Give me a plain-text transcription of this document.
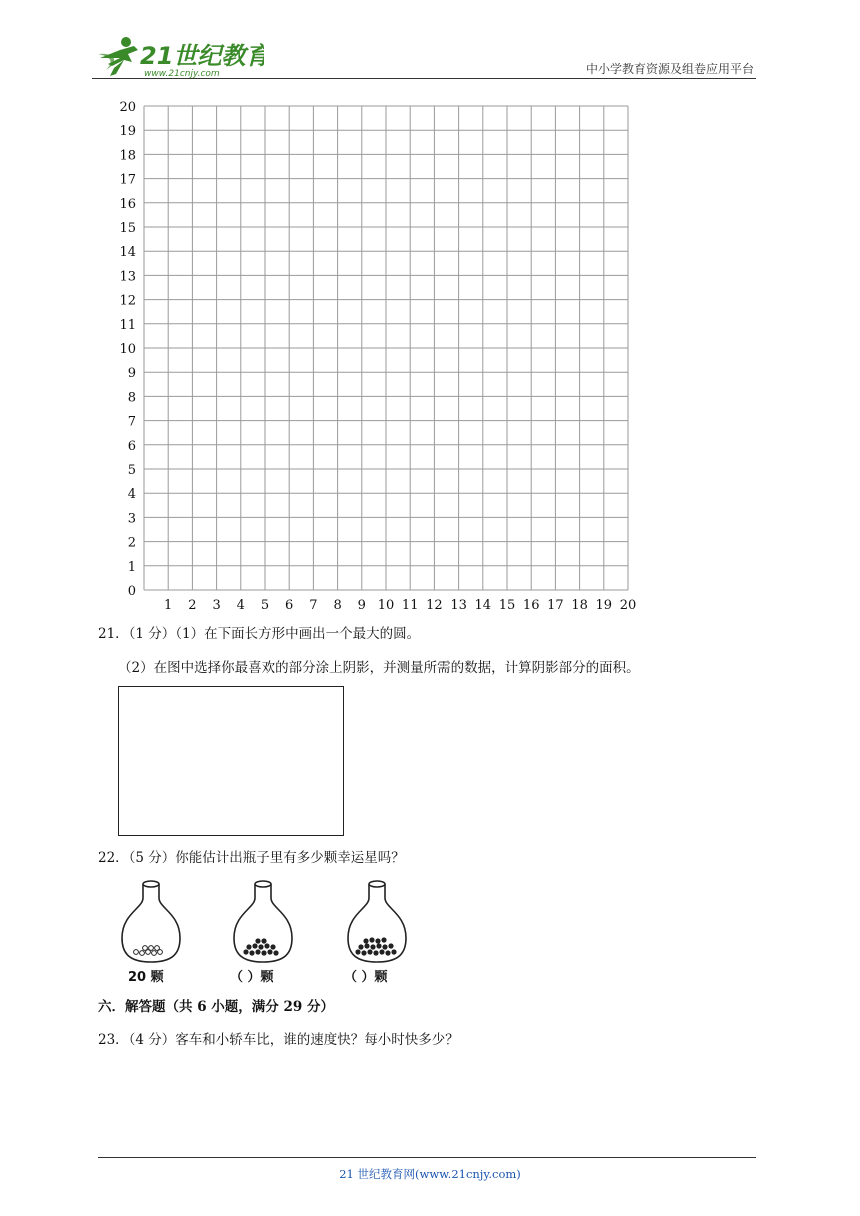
21世纪教育
www.21cnjy.com	中小学教育资源及组卷应用平台
0
1
2
3
4
5
6
7
8
9
10
11
12
13
14
15
16
17
18
19
20
1 2 3 4 5 6 7 8 9 10 11 12 13 14 15 16 17 18 19 20
21．（1 分）（1）在下面长方形中画出一个最大的圆。
（2）在图中选择你最喜欢的部分涂上阴影，并测量所需的数据，计算阴影部分的面积。
22．（5 分）你能估计出瓶子里有多少颗幸运星吗？
20 颗	（ ）颗	（ ）颗
六．解答题（共 6 小题，满分 29 分）
23．（4 分）客车和小轿车比，谁的速度快？每小时快多少？
21 世纪教育网(www.21cnjy.com)
